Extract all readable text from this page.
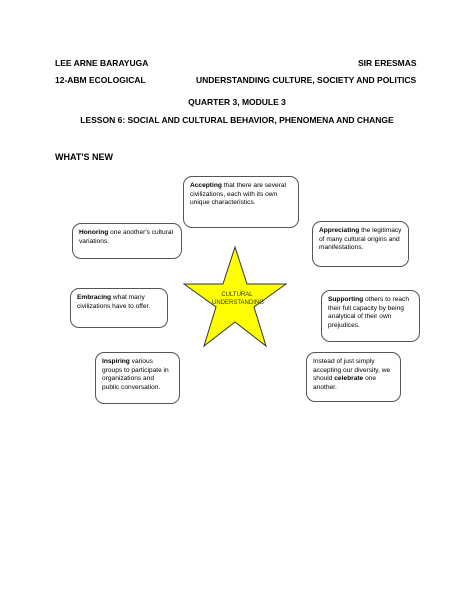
LEE ARNE BARAYUGA	SIR ERESMAS
12-ABM ECOLOGICAL	UNDERSTANDING CULTURE, SOCIETY AND POLITICS
QUARTER 3, MODULE 3
LESSON 6: SOCIAL AND CULTURAL BEHAVIOR, PHENOMENA AND CHANGE
WHAT'S NEW
Accepting that there are several civilizations, each with its own unique characteristics.
Honoring one another's cultural variations.
Appreciating the legitimacy of many cultural origins and manifestations.
Embracing what many civilizations have to offer.
Supporting others to reach their full capacity by being analytical of their own prejudices.
Inspiring various groups to participate in organizations and public conversation.
Instead of just simply accepting our diversity, we should celebrate one another.
CULTURAL
UNDERSTANDING
